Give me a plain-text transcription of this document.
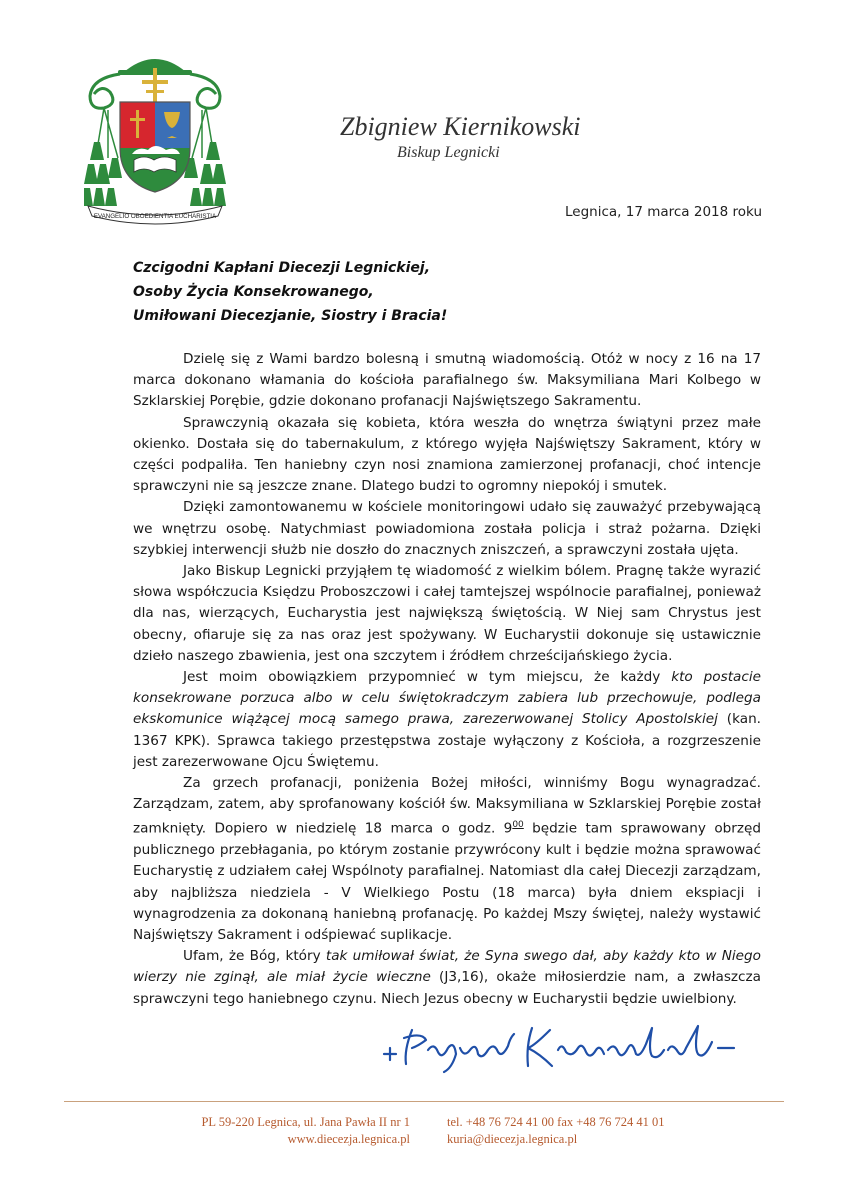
EVANGELIO OBOEDIENTIA EUCHARISTIA
Zbigniew Kiernikowski
Biskup Legnicki
Legnica, 17 marca 2018 roku
Czcigodni Kapłani Diecezji Legnickiej,
Osoby Życia Konsekrowanego,
Umiłowani Diecezjanie, Siostry i Bracia!

Dzielę się z Wami bardzo bolesną i smutną wiadomością. Otóż w nocy z 16 na 17 marca dokonano włamania do kościoła parafialnego św. Maksymiliana Mari Kolbego w Szklarskiej Porębie, gdzie dokonano profanacji Najświętszego Sakramentu.

Sprawczynią okazała się kobieta, która weszła do wnętrza świątyni przez małe okienko. Dostała się do tabernakulum, z którego wyjęła Najświętszy Sakrament, który w części podpaliła. Ten haniebny czyn nosi znamiona zamierzonej profanacji, choć intencje sprawczyni nie są jeszcze znane. Dlatego budzi to ogromny niepokój i smutek.

Dzięki zamontowanemu w kościele monitoringowi udało się zauważyć przebywającą we wnętrzu osobę. Natychmiast powiadomiona została policja i straż pożarna. Dzięki szybkiej interwencji służb nie doszło do znacznych zniszczeń, a sprawczyni została ujęta.

Jako Biskup Legnicki przyjąłem tę wiadomość z wielkim bólem. Pragnę także wyrazić słowa współczucia Księdzu Proboszczowi i całej tamtejszej wspólnocie parafialnej, ponieważ dla nas, wierzących, Eucharystia jest największą świętością. W Niej sam Chrystus jest obecny, ofiaruje się za nas oraz jest spożywany. W Eucharystii dokonuje się ustawicznie dzieło naszego zbawienia, jest ona szczytem i źródłem chrześcijańskiego życia.

Jest moim obowiązkiem przypomnieć w tym miejscu, że każdy kto postacie konsekrowane porzuca albo w celu świętokradczym zabiera lub przechowuje, podlega ekskomunice wiążącej mocą samego prawa, zarezerwowanej Stolicy Apostolskiej (kan. 1367 KPK). Sprawca takiego przestępstwa zostaje wyłączony z Kościoła, a rozgrzeszenie jest zarezerwowane Ojcu Świętemu.

Za grzech profanacji, poniżenia Bożej miłości, winniśmy Bogu wynagradzać. Zarządzam, zatem, aby sprofanowany kościół św. Maksymiliana w Szklarskiej Porębie został zamknięty. Dopiero w niedzielę 18 marca o godz. $9^{00}$ będzie tam sprawowany obrzęd publicznego przebłagania, po którym zostanie przywrócony kult i będzie można sprawować Eucharystię z udziałem całej Wspólnoty parafialnej. Natomiast dla całej Diecezji zarządzam, aby najbliższa niedziela - V Wielkiego Postu (18 marca) była dniem ekspiacji i wynagrodzenia za dokonaną haniebną profanację. Po każdej Mszy świętej, należy wystawić Najświętszy Sakrament i odśpiewać suplikacje.

Ufam, że Bóg, który tak umiłował świat, że Syna swego dał, aby każdy kto w Niego wierzy nie zginął, ale miał życie wieczne (J3,16), okaże miłosierdzie nam, a zwłaszcza sprawczyni tego haniebnego czynu. Niech Jezus obecny w Eucharystii będzie uwielbiony.

PL 59-220 Legnica, ul. Jana Pawła II nr 1
www.diecezja.legnica.pl
tel. +48 76 724 41 00 fax +48 76 724 41 01
kuria@diecezja.legnica.pl
